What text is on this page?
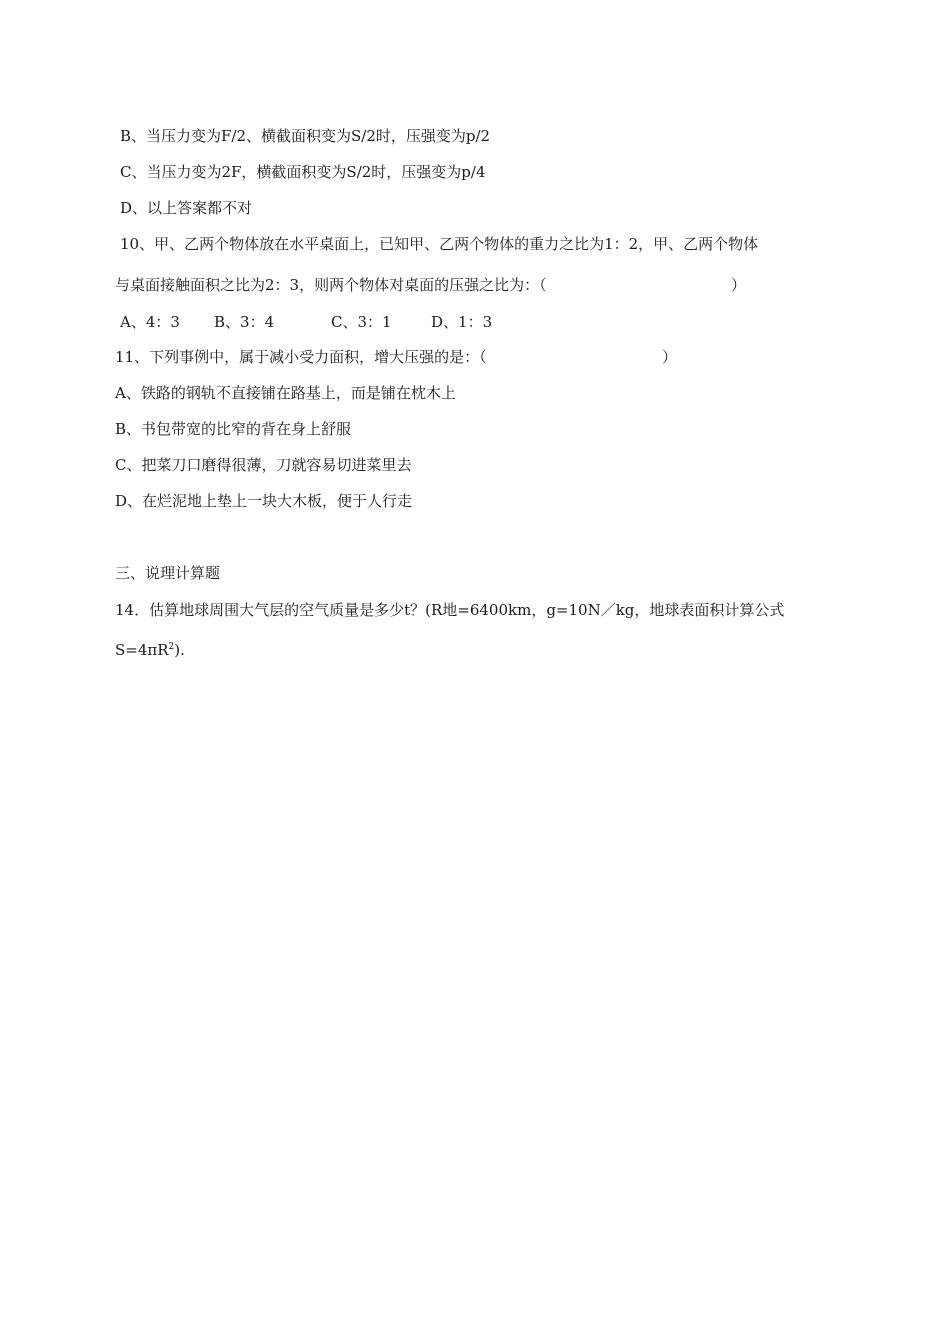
B、当压力变为F/2、横截面积变为S/2时，压强变为p/2
C、当压力变为2F，横截面积变为S/2时，压强变为p/4
D、以上答案都不对
10、甲、乙两个物体放在水平桌面上，已知甲、乙两个物体的重力之比为1：2，甲、乙两个物体
与桌面接触面积之比为2：3，则两个物体对桌面的压强之比为：（	）
A、4：3 B、3：4	C、3：1	D、1：3
11、下列事例中，属于减小受力面积，增大压强的是：（	）
A、铁路的钢轨不直接铺在路基上，而是铺在枕木上
B、书包带宽的比窄的背在身上舒服
C、把菜刀口磨得很薄，刀就容易切进菜里去
D、在烂泥地上垫上一块大木板，便于人行走
三、说理计算题
14．估算地球周围大气层的空气质量是多少t？(R地=6400km，g=10N／kg，地球表面积计算公式
$S=4\pi R^2$).
